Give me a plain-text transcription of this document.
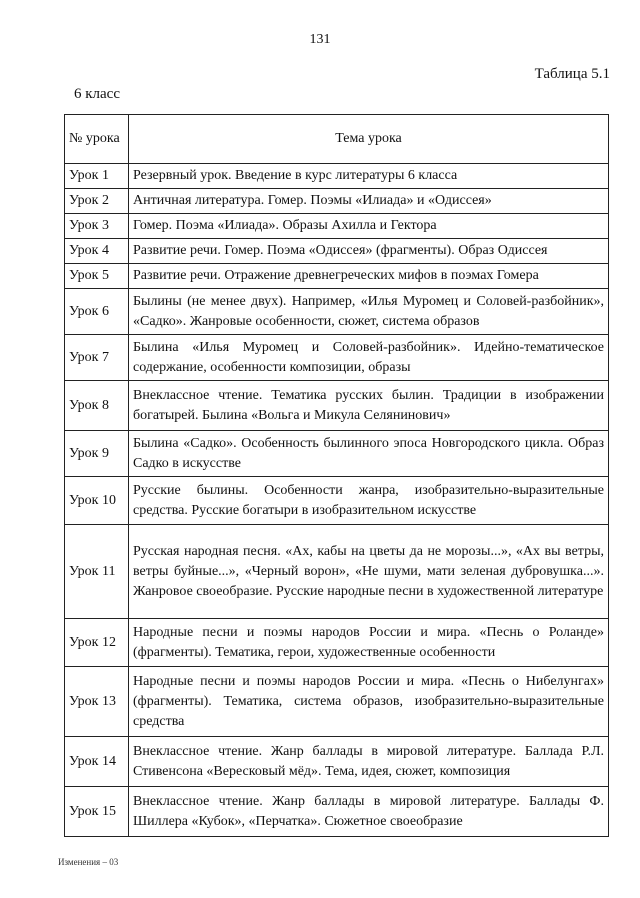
131
Таблица 5.1
6 класс
№ урока	Тема урока
Урок 1	Резервный урок. Введение в курс литературы 6 класса
Урок 2	Античная литература. Гомер. Поэмы «Илиада» и «Одиссея»
Урок 3	Гомер. Поэма «Илиада». Образы Ахилла и Гектора
Урок 4	Развитие речи. Гомер. Поэма «Одиссея» (фрагменты). Образ Одиссея
Урок 5	Развитие речи. Отражение древнегреческих мифов в поэмах Гомера
Урок 6	Былины (не менее двух). Например, «Илья Муромец и Соловей-разбойник», «Садко». Жанровые особенности, сюжет, система образов
Урок 7	Былина «Илья Муромец и Соловей-разбойник». Идейно-тематическое содержание, особенности композиции, образы
Урок 8	Внеклассное чтение. Тематика русских былин. Традиции в изображении богатырей. Былина «Вольга и Микула Селянинович»
Урок 9	Былина «Садко». Особенность былинного эпоса Новгородского цикла. Образ Садко в искусстве
Урок 10	Русские былины. Особенности жанра, изобразительно-выразительные средства. Русские богатыри в изобразительном искусстве
Урок 11	Русская народная песня. «Ах, кабы на цветы да не морозы...», «Ах вы ветры, ветры буйные...», «Черный ворон», «Не шуми, мати зеленая дубровушка...». Жанровое своеобразие. Русские народные песни в художественной литературе
Урок 12	Народные песни и поэмы народов России и мира. «Песнь о Роланде» (фрагменты). Тематика, герои, художественные особенности
Урок 13	Народные песни и поэмы народов России и мира. «Песнь о Нибелунгах» (фрагменты). Тематика, система образов, изобразительно-выразительные средства
Урок 14	Внеклассное чтение. Жанр баллады в мировой литературе. Баллада Р.Л. Стивенсона «Вересковый мёд». Тема, идея, сюжет, композиция
Урок 15	Внеклассное чтение. Жанр баллады в мировой литературе. Баллады Ф. Шиллера «Кубок», «Перчатка». Сюжетное своеобразие
Изменения – 03
